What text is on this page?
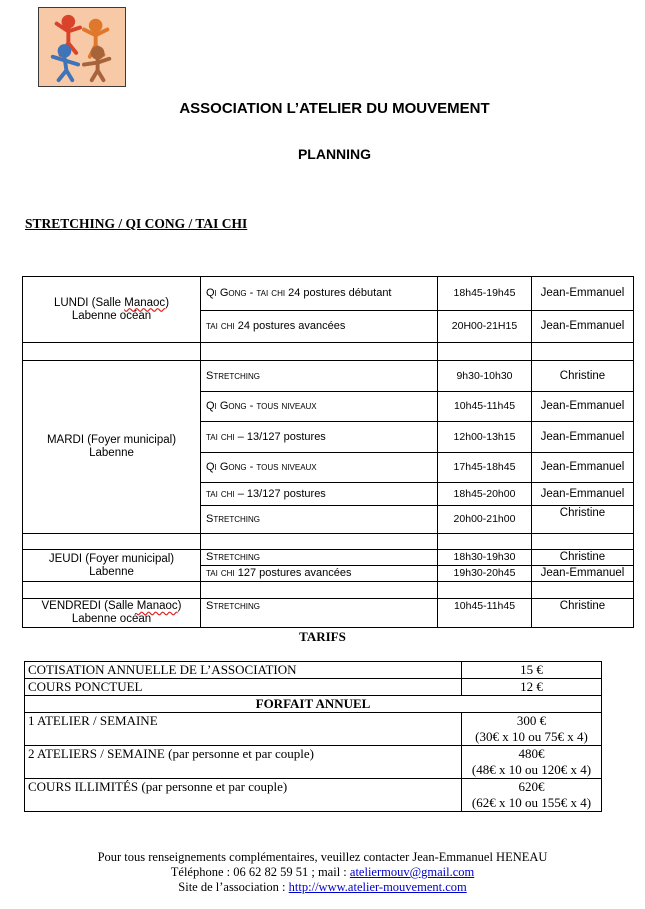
ASSOCIATION L’ATELIER DU MOUVEMENT
PLANNING
STRETCHING / QI CONG / TAI CHI
LUNDI (Salle Manaoc)
Labenne océan	Qi Gong - tai chi 24 postures débutant	18h45-19h45	Jean-Emmanuel
	tai chi 24 postures avancées	20H00-21H15	Jean-Emmanuel

MARDI (Foyer municipal)
Labenne	Stretching	9h30-10h30	Christine
	Qi Gong - tous niveaux	10h45-11h45	Jean-Emmanuel
	tai chi – 13/127 postures	12h00-13h15	Jean-Emmanuel
	Qi Gong - tous niveaux	17h45-18h45	Jean-Emmanuel
	tai chi – 13/127 postures	18h45-20h00	Jean-Emmanuel
	Stretching	20h00-21h00	Christine

JEUDI (Foyer municipal)
Labenne	Stretching	18h30-19h30	Christine
	tai chi 127 postures avancées	19h30-20h45	Jean-Emmanuel

VENDREDI (Salle Manaoc)
Labenne océan	Stretching	10h45-11h45	Christine
TARIFS
COTISATION ANNUELLE DE L’ASSOCIATION	15 €
COURS PONCTUEL	12 €
FORFAIT ANNUEL	
1 ATELIER / SEMAINE	300 €
(30€ x 10 ou 75€ x 4)
2 ATELIERS / SEMAINE (par personne et par couple)	480€
(48€ x 10 ou 120€ x 4)
COURS ILLIMITÉS (par personne et par couple)	620€
(62€ x 10 ou 155€ x 4)
Pour tous renseignements complémentaires, veuillez contacter Jean-Emmanuel HENEAU
Téléphone : 06 62 82 59 51 ; mail : ateliermouv@gmail.com
Site de l’association : http://www.atelier-mouvement.com
